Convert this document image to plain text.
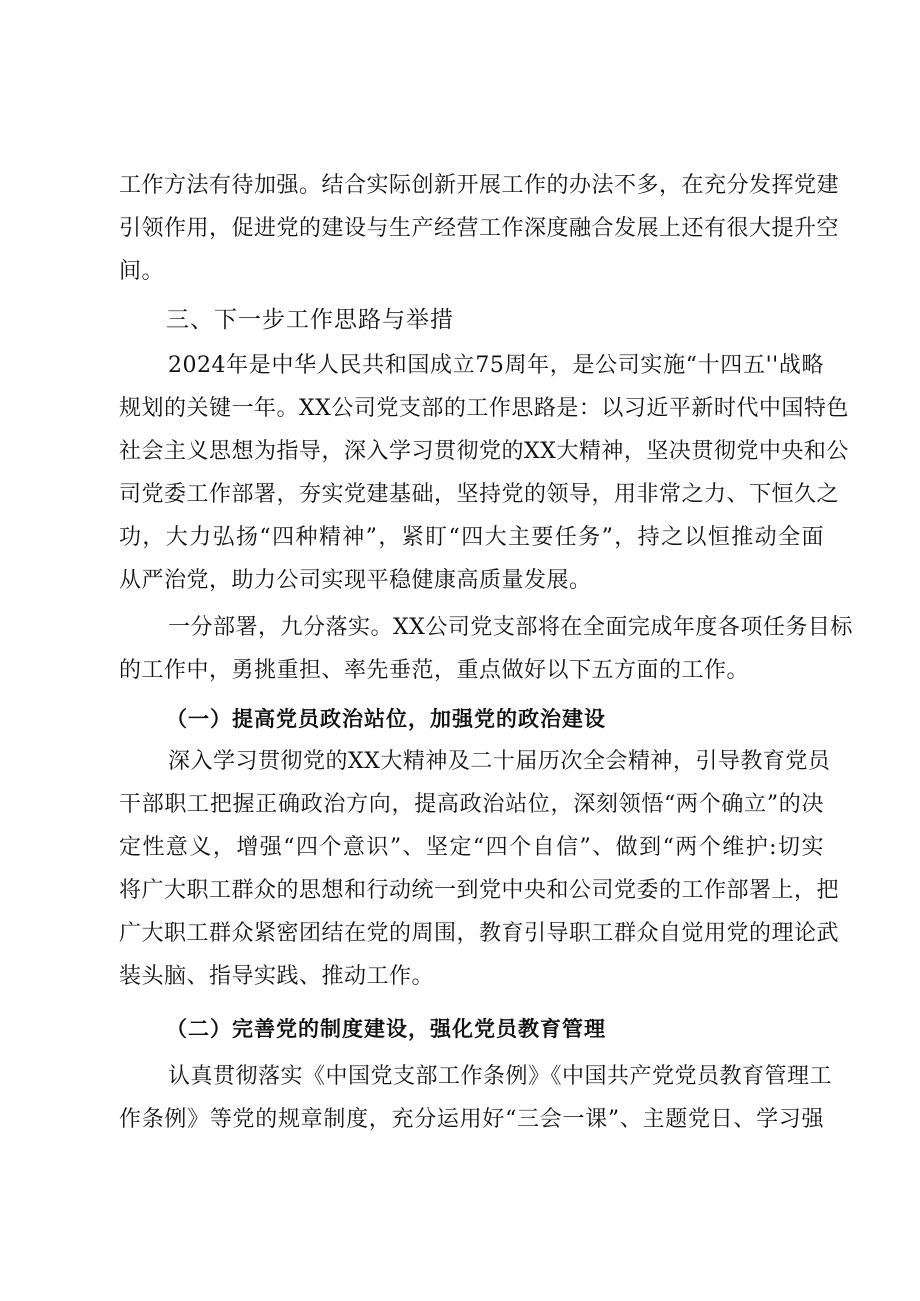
工作方法有待加强。结合实际创新开展工作的办法不多，在充分发挥党建
引领作用，促进党的建设与生产经营工作深度融合发展上还有很大提升空
间。
三、下一步工作思路与举措
2024年是中华人民共和国成立75周年，是公司实施“十四五''战略
规划的关键一年。XX公司党支部的工作思路是：以习近平新时代中国特色
社会主义思想为指导，深入学习贯彻党的XX大精神，坚决贯彻党中央和公
司党委工作部署，夯实党建基础，坚持党的领导，用非常之力、下恒久之
功，大力弘扬“四种精神”，紧盯“四大主要任务”，持之以恒推动全面
从严治党，助力公司实现平稳健康高质量发展。
一分部署，九分落实。XX公司党支部将在全面完成年度各项任务目标
的工作中，勇挑重担、率先垂范，重点做好以下五方面的工作。
（一）提高党员政治站位，加强党的政治建设
深入学习贯彻党的XX大精神及二十届历次全会精神，引导教育党员
干部职工把握正确政治方向，提高政治站位，深刻领悟“两个确立”的决
定性意义，增强“四个意识”、坚定“四个自信”、做到“两个维护:切实
将广大职工群众的思想和行动统一到党中央和公司党委的工作部署上，把
广大职工群众紧密团结在党的周围，教育引导职工群众自觉用党的理论武
装头脑、指导实践、推动工作。
（二）完善党的制度建设，强化党员教育管理
认真贯彻落实《中国党支部工作条例》《中国共产党党员教育管理工
作条例》等党的规章制度，充分运用好“三会一课”、主题党日、学习强
